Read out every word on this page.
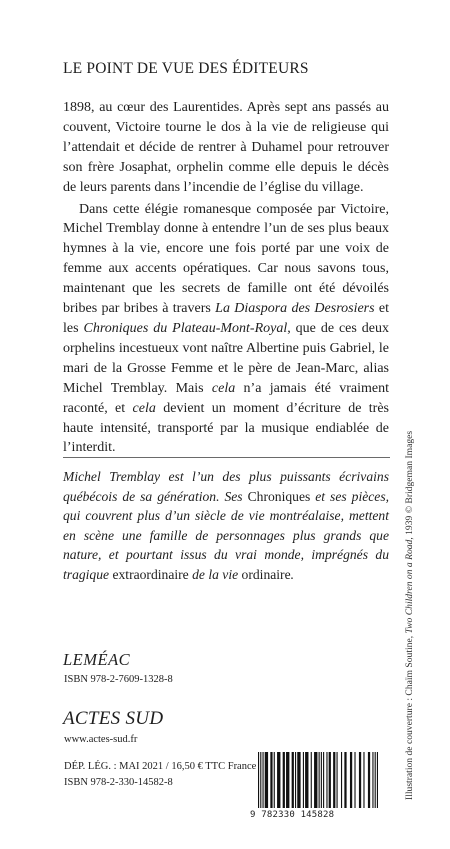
LE POINT DE VUE DES ÉDITEURS

1898, au cœur des Laurentides. Après sept ans passés au couvent, Victoire tourne le dos à la vie de religieuse qui l’attendait et décide de rentrer à Duhamel pour retrouver son frère Josaphat, orphelin comme elle depuis le décès de leurs parents dans l’incendie de l’église du village.

Dans cette élégie romanesque composée par Victoire, Michel Tremblay donne à entendre l’un de ses plus beaux hymnes à la vie, encore une fois porté par une voix de femme aux accents opératiques. Car nous savons tous, maintenant que les secrets de famille ont été dévoilés bribes par bribes à travers La Diaspora des Desrosiers et les Chroniques du Plateau-Mont-Royal, que de ces deux orphelins incestueux vont naître Albertine puis Gabriel, le mari de la Grosse Femme et le père de Jean-Marc, alias Michel Tremblay. Mais cela n’a jamais été vraiment raconté, et cela devient un moment d’écriture de très haute intensité, transporté par la musique endiablée de l’interdit.

Michel Tremblay est l’un des plus puissants écrivains québécois de sa génération. Ses Chroniques et ses pièces, qui couvrent plus d’un siècle de vie montréalaise, mettent en scène une famille de personnages plus grands que nature, et pourtant issus du vrai monde, imprégnés du tragique extraordinaire de la vie ordinaire.
Illustration de couverture : Chaïm Soutine, Two Children on a Road, 1939 © Bridgeman Images
LEMÉAC
ISBN 978-2-7609-1328-8
ACTES SUD
www.actes-sud.fr
DÉP. LÉG. : MAI 2021 / 16,50 € TTC France
ISBN 978-2-330-14582-8
9 782330 145828
